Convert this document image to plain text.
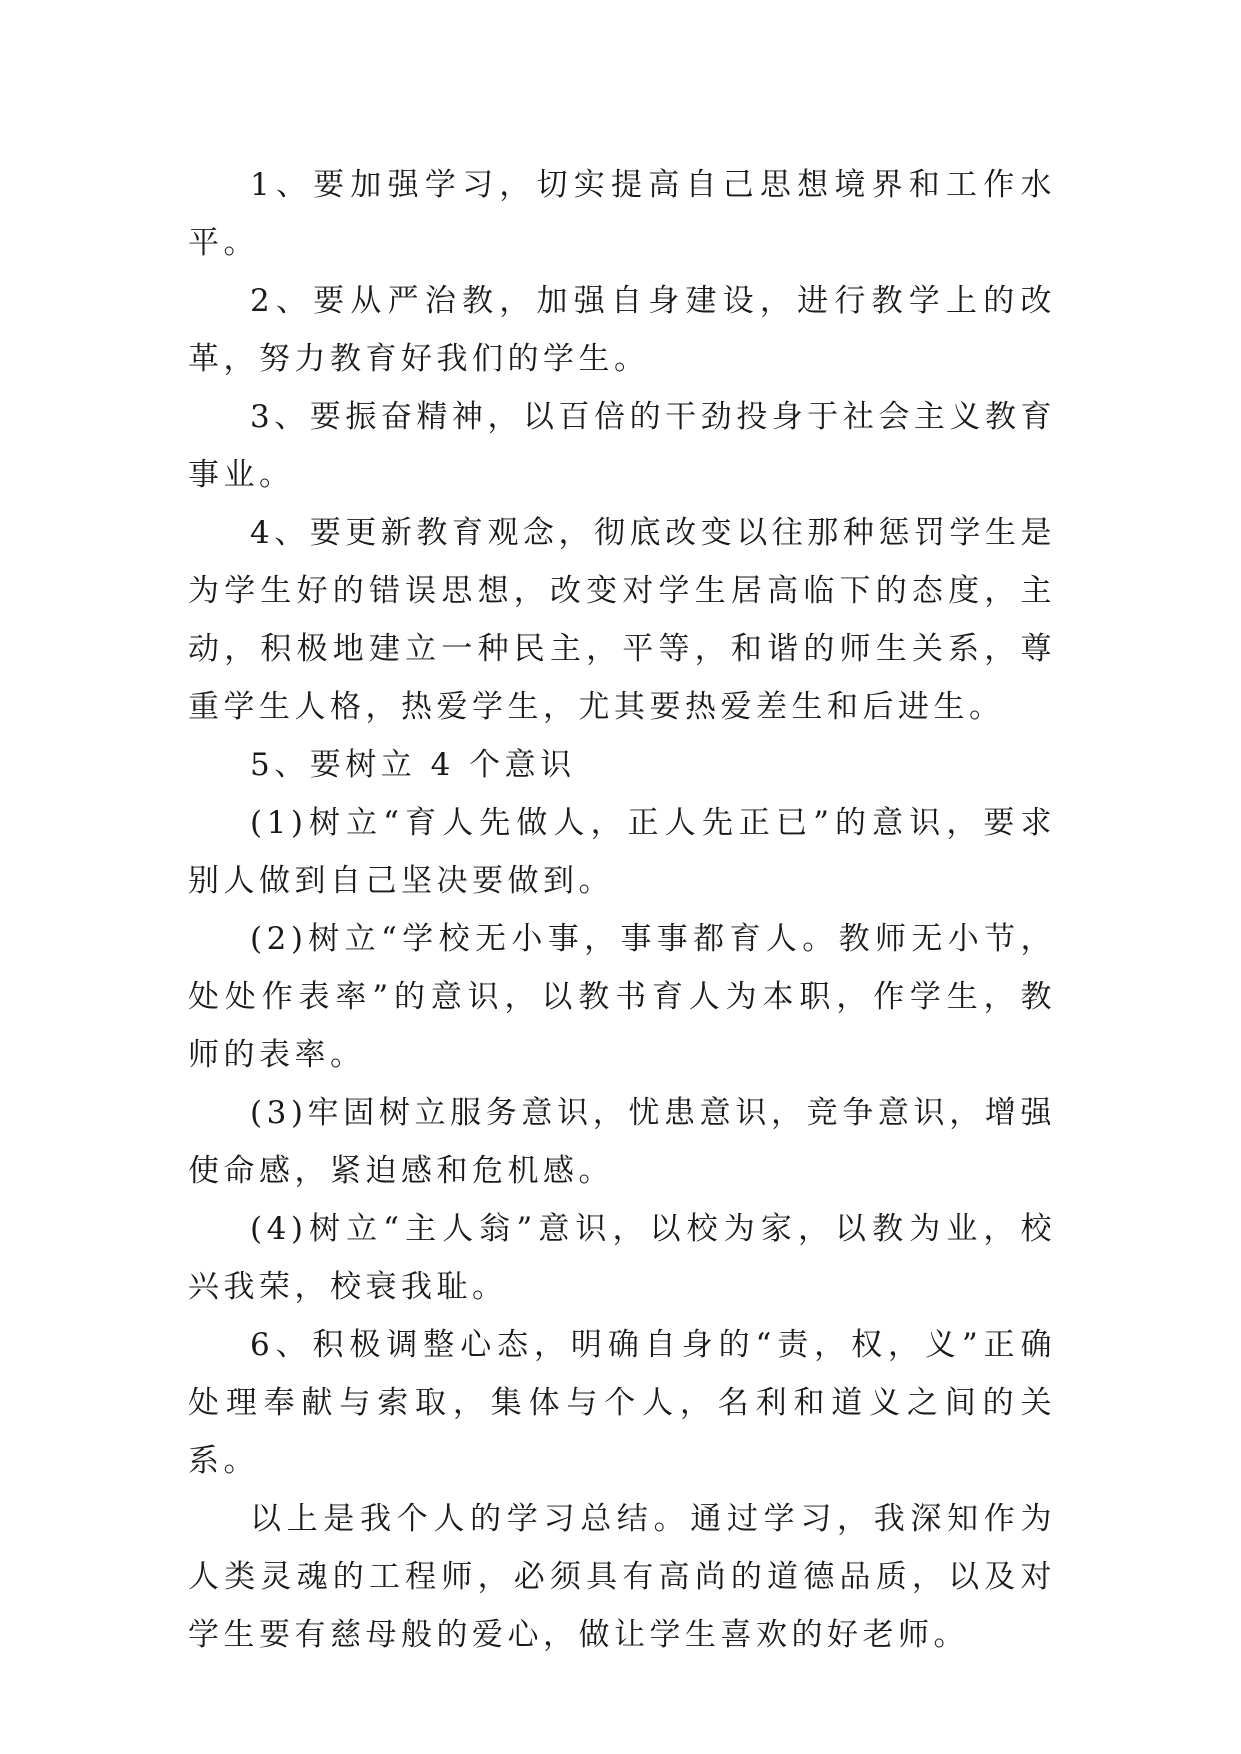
1、要加强学习，切实提高自己思想境界和工作水平。

2、要从严治教，加强自身建设，进行教学上的改革，努力教育好我们的学生。

3、要振奋精神，以百倍的干劲投身于社会主义教育事业。

4、要更新教育观念，彻底改变以往那种惩罚学生是为学生好的错误思想，改变对学生居高临下的态度，主动，积极地建立一种民主，平等，和谐的师生关系，尊重学生人格，热爱学生，尤其要热爱差生和后进生。

5、要树立 4 个意识

(1)树立“育人先做人，正人先正已”的意识，要求别人做到自己坚决要做到。

(2)树立“学校无小事，事事都育人。教师无小节，处处作表率”的意识，以教书育人为本职，作学生，教师的表率。

(3)牢固树立服务意识，忧患意识，竞争意识，增强使命感，紧迫感和危机感。

(4)树立“主人翁”意识，以校为家，以教为业，校兴我荣，校衰我耻。

6、积极调整心态，明确自身的“责，权，义”正确处理奉献与索取，集体与个人，名利和道义之间的关系。

以上是我个人的学习总结。通过学习，我深知作为人类灵魂的工程师，必须具有高尚的道德品质，以及对学生要有慈母般的爱心，做让学生喜欢的好老师。
